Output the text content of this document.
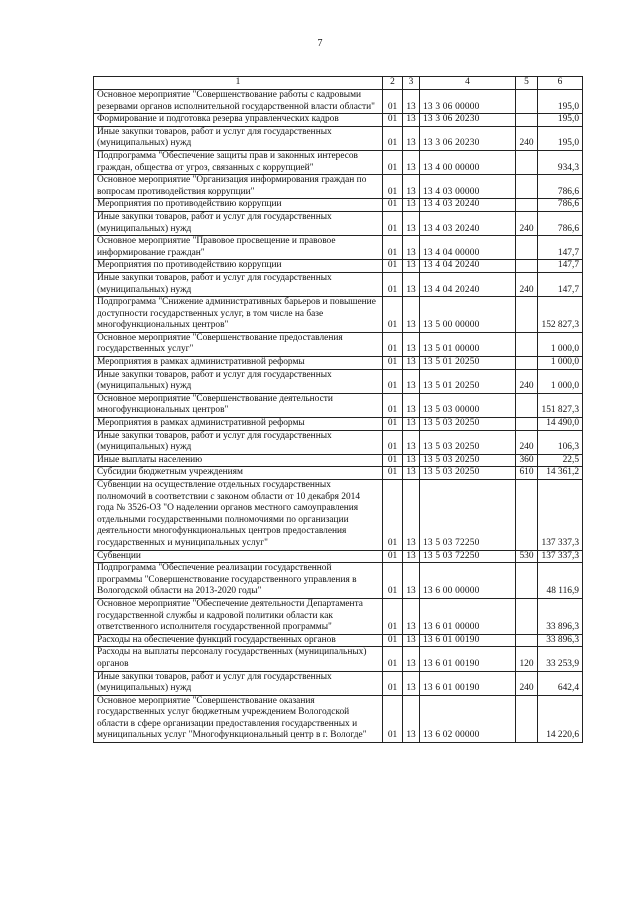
7
1	2	3	4	5	6
Основное мероприятие "Совершенствование работы с кадровыми резервами органов исполнительной государственной власти области"	01	13	13 3 06 00000		195,0
Формирование и подготовка резерва управленческих кадров	01	13	13 3 06 20230		195,0
Иные закупки товаров, работ и услуг для государственных (муниципальных) нужд	01	13	13 3 06 20230	240	195,0
Подпрограмма "Обеспечение защиты прав и законных интересов граждан, общества от угроз, связанных с коррупцией"	01	13	13 4 00 00000		934,3
Основное мероприятие "Организация информирования граждан по вопросам противодействия коррупции"	01	13	13 4 03 00000		786,6
Мероприятия по противодействию коррупции	01	13	13 4 03 20240		786,6
Иные закупки товаров, работ и услуг для государственных (муниципальных) нужд	01	13	13 4 03 20240	240	786,6
Основное мероприятие "Правовое просвещение и правовое информирование граждан"	01	13	13 4 04 00000		147,7
Мероприятия по противодействию коррупции	01	13	13 4 04 20240		147,7
Иные закупки товаров, работ и услуг для государственных (муниципальных) нужд	01	13	13 4 04 20240	240	147,7
Подпрограмма "Снижение административных барьеров и повышение доступности государственных услуг, в том числе на базе многофункциональных центров"	01	13	13 5 00 00000		152 827,3
Основное мероприятие "Совершенствование предоставления государственных услуг"	01	13	13 5 01 00000		1 000,0
Мероприятия в рамках административной реформы	01	13	13 5 01 20250		1 000,0
Иные закупки товаров, работ и услуг для государственных (муниципальных) нужд	01	13	13 5 01 20250	240	1 000,0
Основное мероприятие "Совершенствование деятельности многофункциональных центров"	01	13	13 5 03 00000		151 827,3
Мероприятия в рамках административной реформы	01	13	13 5 03 20250		14 490,0
Иные закупки товаров, работ и услуг для государственных (муниципальных) нужд	01	13	13 5 03 20250	240	106,3
Иные выплаты населению	01	13	13 5 03 20250	360	22,5
Субсидии бюджетным учреждениям	01	13	13 5 03 20250	610	14 361,2
Субвенции на осуществление отдельных государственных полномочий в соответствии с законом области от 10 декабря 2014 года № 3526-ОЗ "О наделении органов местного самоуправления отдельными государственными полномочиями по организации деятельности многофункциональных центров предоставления государственных и муниципальных услуг"	01	13	13 5 03 72250		137 337,3
Субвенции	01	13	13 5 03 72250	530	137 337,3
Подпрограмма "Обеспечение реализации государственной программы "Совершенствование государственного управления в Вологодской области на 2013-2020 годы"	01	13	13 6 00 00000		48 116,9
Основное мероприятие "Обеспечение деятельности Департамента государственной службы и кадровой политики области как ответственного исполнителя государственной программы"	01	13	13 6 01 00000		33 896,3
Расходы на обеспечение функций государственных органов	01	13	13 6 01 00190		33 896,3
Расходы на выплаты персоналу государственных (муниципальных) органов	01	13	13 6 01 00190	120	33 253,9
Иные закупки товаров, работ и услуг для государственных (муниципальных) нужд	01	13	13 6 01 00190	240	642,4
Основное мероприятие "Совершенствование оказания государственных услуг бюджетным учреждением Вологодской области в сфере организации предоставления государственных и муниципальных услуг "Многофункциональный центр в г. Вологде"	01	13	13 6 02 00000		14 220,6
